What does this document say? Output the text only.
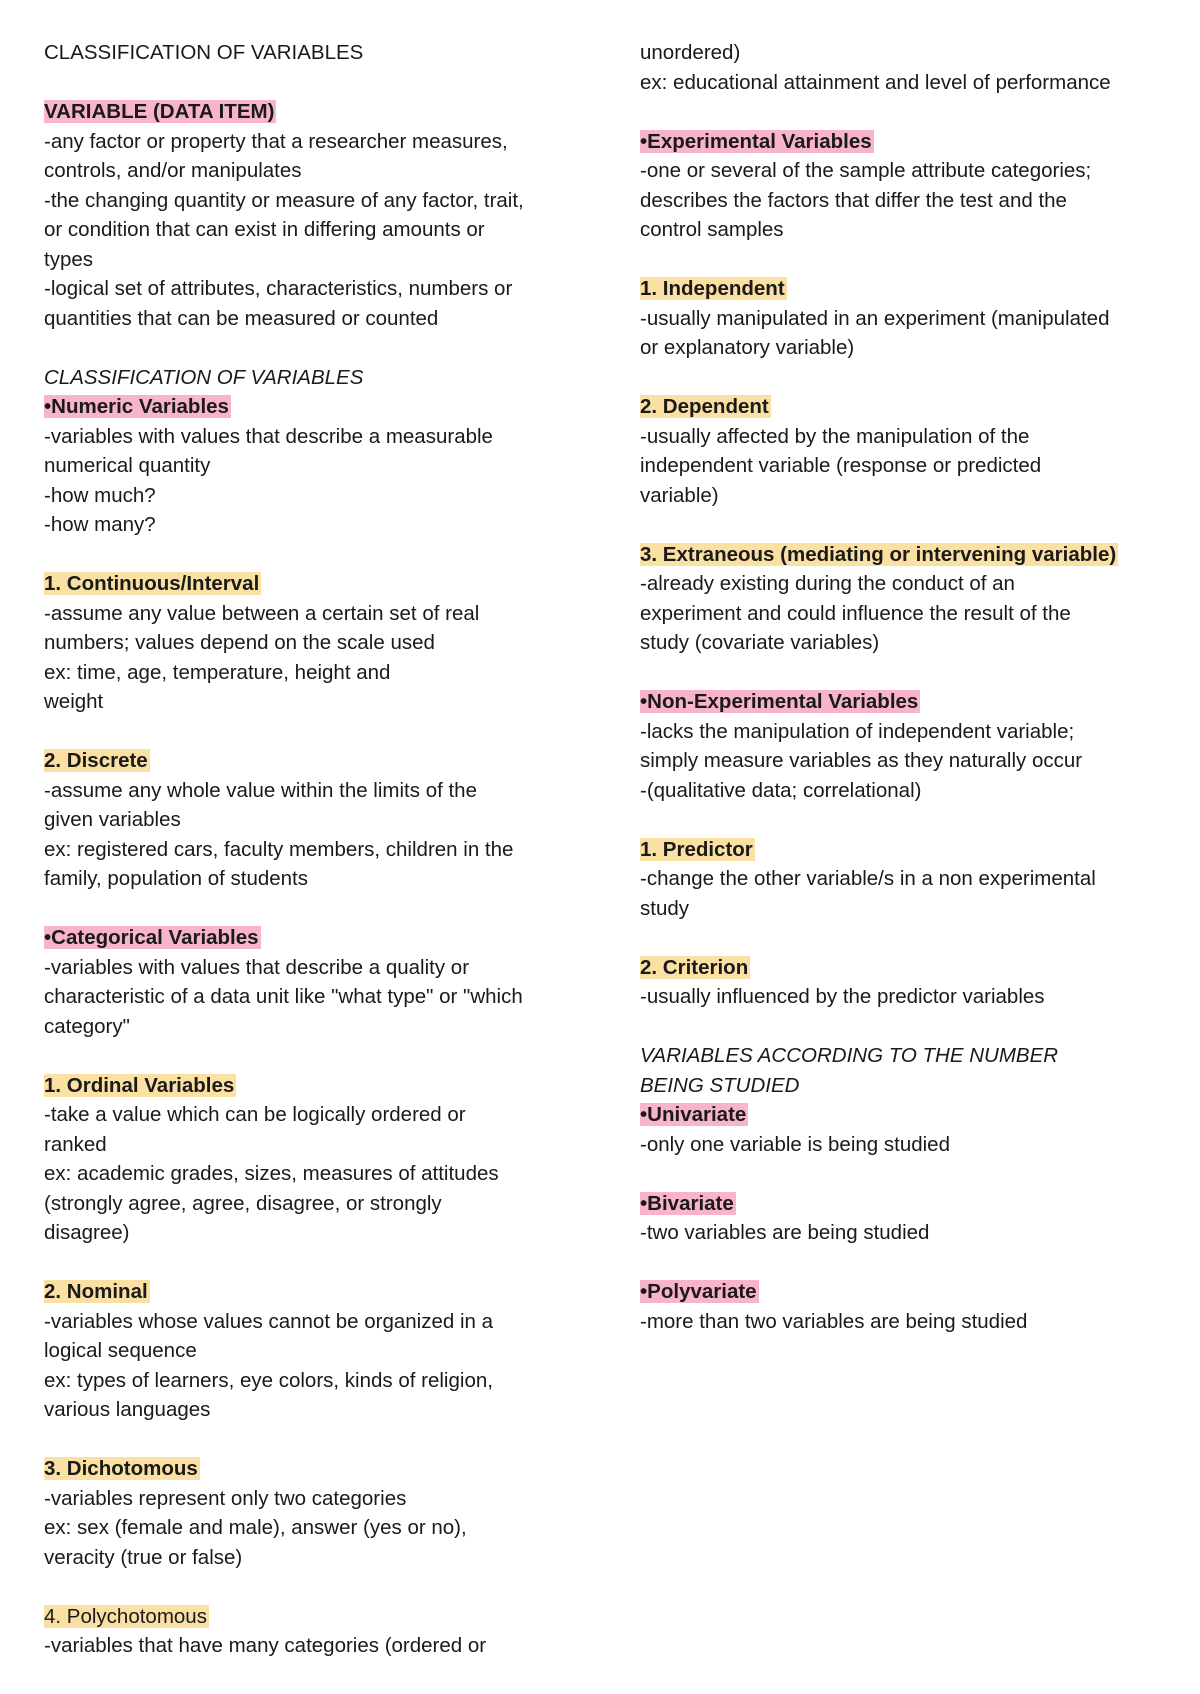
CLASSIFICATION OF VARIABLES
VARIABLE (DATA ITEM)
-any factor or property that a researcher measures,
controls, and/or manipulates
-the changing quantity or measure of any factor, trait,
or condition that can exist in differing amounts or
types
-logical set of attributes, characteristics, numbers or
quantities that can be measured or counted
CLASSIFICATION OF VARIABLES
•Numeric Variables
-variables with values that describe a measurable
numerical quantity
-how much?
-how many?
1. Continuous/Interval
-assume any value between a certain set of real
numbers; values depend on the scale used
ex: time, age, temperature, height and
weight
2. Discrete
-assume any whole value within the limits of the
given variables
ex: registered cars, faculty members, children in the
family, population of students
•Categorical Variables
-variables with values that describe a quality or
characteristic of a data unit like "what type" or "which
category"
1. Ordinal Variables
-take a value which can be logically ordered or
ranked
ex: academic grades, sizes, measures of attitudes
(strongly agree, agree, disagree, or strongly
disagree)
2. Nominal
-variables whose values cannot be organized in a
logical sequence
ex: types of learners, eye colors, kinds of religion,
various languages
3. Dichotomous
-variables represent only two categories
ex: sex (female and male), answer (yes or no),
veracity (true or false)
4. Polychotomous
-variables that have many categories (ordered or
unordered)
ex: educational attainment and level of performance
•Experimental Variables
-one or several of the sample attribute categories;
describes the factors that differ the test and the
control samples
1. Independent
-usually manipulated in an experiment (manipulated
or explanatory variable)
2. Dependent
-usually affected by the manipulation of the
independent variable (response or predicted
variable)
3. Extraneous (mediating or intervening variable)
-already existing during the conduct of an
experiment and could influence the result of the
study (covariate variables)
•Non-Experimental Variables
-lacks the manipulation of independent variable;
simply measure variables as they naturally occur
-(qualitative data; correlational)
1. Predictor
-change the other variable/s in a non experimental
study
2. Criterion
-usually influenced by the predictor variables
VARIABLES ACCORDING TO THE NUMBER
BEING STUDIED
•Univariate
-only one variable is being studied
•Bivariate
-two variables are being studied
•Polyvariate
-more than two variables are being studied
